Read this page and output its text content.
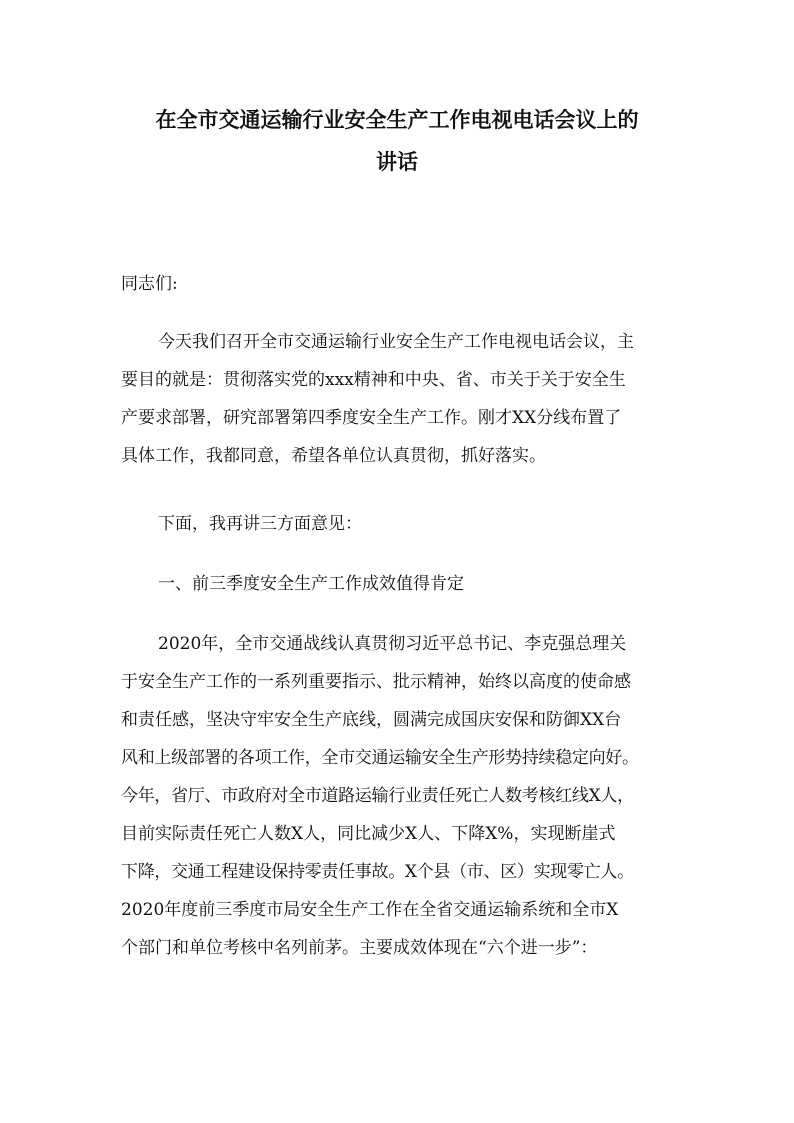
在全市交通运输行业安全生产工作电视电话会议上的
讲话

同志们:

今天我们召开全市交通运输行业安全生产工作电视电话会议，主

要目的就是：贯彻落实党的xxx精神和中央、省、市关于关于安全生

产要求部署，研究部署第四季度安全生产工作。刚才XX分线布置了

具体工作，我都同意，希望各单位认真贯彻，抓好落实。

下面，我再讲三方面意见：

一、前三季度安全生产工作成效值得肯定

2020年，全市交通战线认真贯彻习近平总书记、李克强总理关

于安全生产工作的一系列重要指示、批示精神，始终以高度的使命感

和责任感，坚决守牢安全生产底线，圆满完成国庆安保和防御XX台

风和上级部署的各项工作，全市交通运输安全生产形势持续稳定向好。

今年，省厅、市政府对全市道路运输行业责任死亡人数考核红线X人，

目前实际责任死亡人数X人，同比减少X人、下降X%，实现断崖式

下降，交通工程建设保持零责任事故。X个县（市、区）实现零亡人。

2020年度前三季度市局安全生产工作在全省交通运输系统和全市X

个部门和单位考核中名列前茅。主要成效体现在“六个进一步”：
